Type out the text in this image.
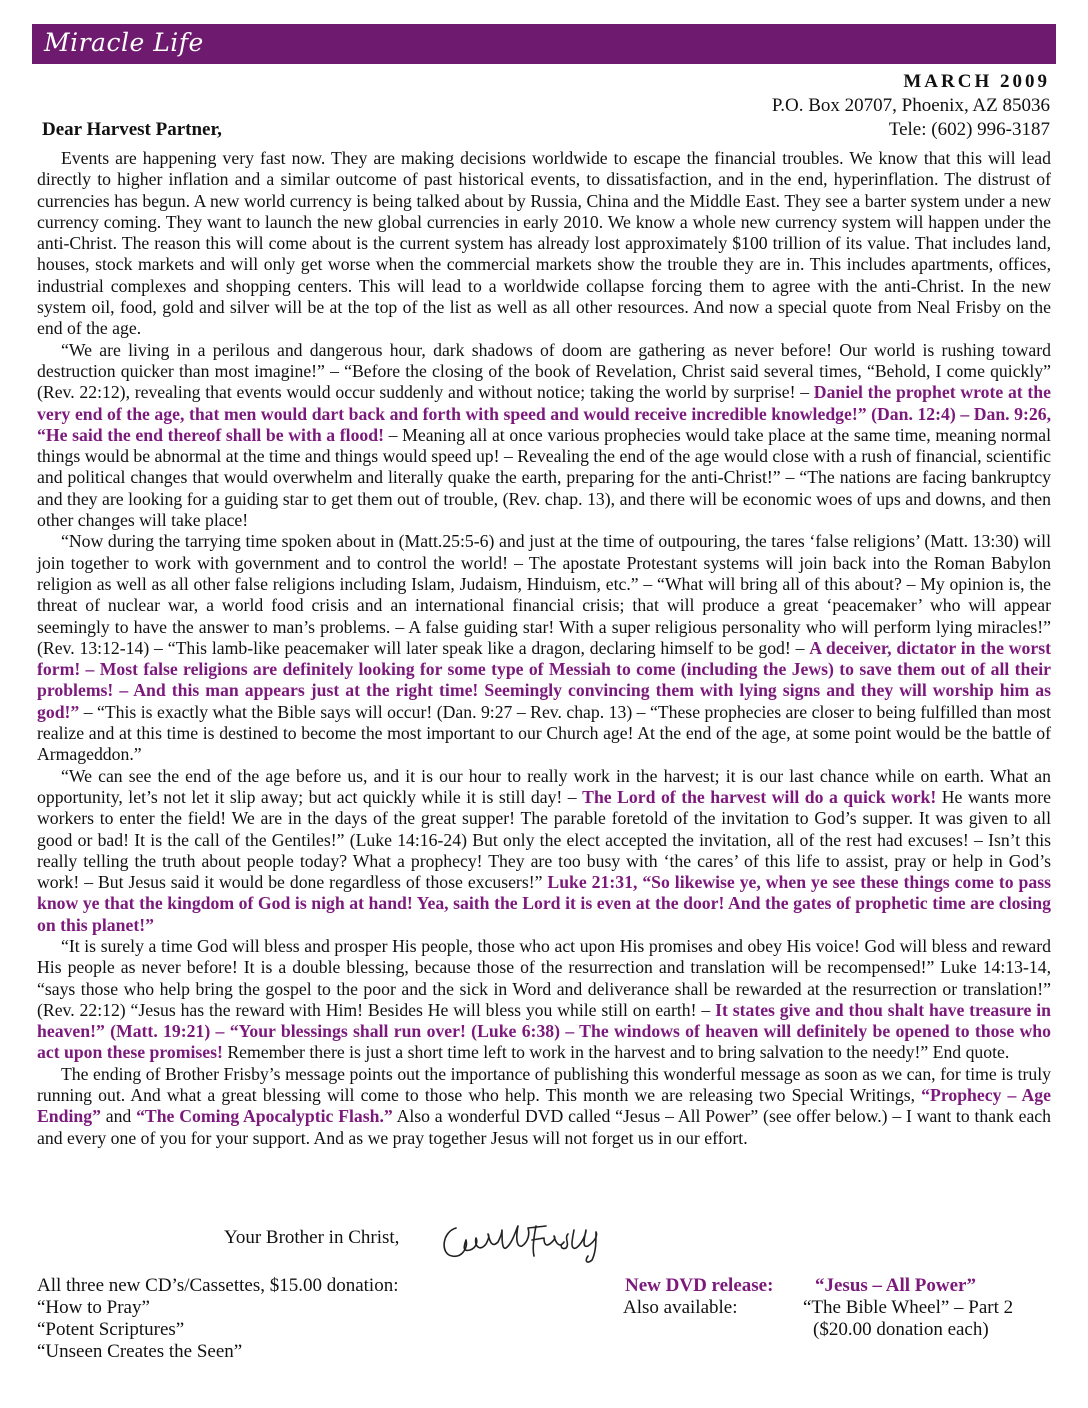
Miracle Life
MARCH 2009
P.O. Box 20707, Phoenix, AZ 85036
Tele: (602) 996-3187
Dear Harvest Partner,

Events are happening very fast now. They are making decisions worldwide to escape the financial troubles. We know that this will lead directly to higher inflation and a similar outcome of past historical events, to dissatisfaction, and in the end, hyperinflation. The distrust of currencies has begun. A new world currency is being talked about by Russia, China and the Middle East. They see a barter system under a new currency coming. They want to launch the new global currencies in early 2010. We know a whole new currency system will happen under the anti-Christ. The reason this will come about is the current system has already lost approximately $100 trillion of its value. That includes land, houses, stock markets and will only get worse when the commercial markets show the trouble they are in. This includes apartments, offices, industrial complexes and shopping centers. This will lead to a worldwide collapse forcing them to agree with the anti-Christ. In the new system oil, food, gold and silver will be at the top of the list as well as all other resources. And now a special quote from Neal Frisby on the end of the age.

“We are living in a perilous and dangerous hour, dark shadows of doom are gathering as never before! Our world is rushing toward destruction quicker than most imagine!” – “Before the closing of the book of Revelation, Christ said several times, “Behold, I come quickly” (Rev. 22:12), revealing that events would occur suddenly and without notice; taking the world by surprise! – Daniel the prophet wrote at the very end of the age, that men would dart back and forth with speed and would receive incredible knowledge!” (Dan. 12:4) – Dan. 9:26, “He said the end thereof shall be with a flood! – Meaning all at once various prophecies would take place at the same time, meaning normal things would be abnormal at the time and things would speed up! – Revealing the end of the age would close with a rush of financial, scientific and political changes that would overwhelm and literally quake the earth, preparing for the anti-Christ!” – “The nations are facing bankruptcy and they are looking for a guiding star to get them out of trouble, (Rev. chap. 13), and there will be economic woes of ups and downs, and then other changes will take place!

“Now during the tarrying time spoken about in (Matt.25:5-6) and just at the time of outpouring, the tares ‘false religions’ (Matt. 13:30) will join together to work with government and to control the world! – The apostate Protestant systems will join back into the Roman Babylon religion as well as all other false religions including Islam, Judaism, Hinduism, etc.” – “What will bring all of this about? – My opinion is, the threat of nuclear war, a world food crisis and an international financial crisis; that will produce a great ‘peacemaker’ who will appear seemingly to have the answer to man’s problems. – A false guiding star! With a super religious personality who will perform lying miracles!” (Rev. 13:12-14) – “This lamb-like peacemaker will later speak like a dragon, declaring himself to be god! – A deceiver, dictator in the worst form! – Most false religions are definitely looking for some type of Messiah to come (including the Jews) to save them out of all their problems! – And this man appears just at the right time! Seemingly convincing them with lying signs and they will worship him as god!” – “This is exactly what the Bible says will occur! (Dan. 9:27 – Rev. chap. 13) – “These prophecies are closer to being fulfilled than most realize and at this time is destined to become the most important to our Church age! At the end of the age, at some point would be the battle of Armageddon.”

“We can see the end of the age before us, and it is our hour to really work in the harvest; it is our last chance while on earth. What an opportunity, let’s not let it slip away; but act quickly while it is still day! – The Lord of the harvest will do a quick work! He wants more workers to enter the field! We are in the days of the great supper! The parable foretold of the invitation to God’s supper. It was given to all good or bad! It is the call of the Gentiles!” (Luke 14:16-24) But only the elect accepted the invitation, all of the rest had excuses! – Isn’t this really telling the truth about people today? What a prophecy! They are too busy with ‘the cares’ of this life to assist, pray or help in God’s work! – But Jesus said it would be done regardless of those excusers!” Luke 21:31, “So likewise ye, when ye see these things come to pass know ye that the kingdom of God is nigh at hand! Yea, saith the Lord it is even at the door! And the gates of prophetic time are closing on this planet!”

“It is surely a time God will bless and prosper His people, those who act upon His promises and obey His voice! God will bless and reward His people as never before! It is a double blessing, because those of the resurrection and translation will be recompensed!” Luke 14:13-14, “says those who help bring the gospel to the poor and the sick in Word and deliverance shall be rewarded at the resurrection or translation!” (Rev. 22:12) “Jesus has the reward with Him! Besides He will bless you while still on earth! – It states give and thou shalt have treasure in heaven!” (Matt. 19:21) – “Your blessings shall run over! (Luke 6:38) – The windows of heaven will definitely be opened to those who act upon these promises! Remember there is just a short time left to work in the harvest and to bring salvation to the needy!” End quote.

The ending of Brother Frisby’s message points out the importance of publishing this wonderful message as soon as we can, for time is truly running out. And what a great blessing will come to those who help. This month we are releasing two Special Writings, “Prophecy – Age Ending” and “The Coming Apocalyptic Flash.” Also a wonderful DVD called “Jesus – All Power” (see offer below.) – I want to thank each and every one of you for your support. And as we pray together Jesus will not forget us in our effort.

Your Brother in Christ,
All three new CD’s/Cassettes, $15.00 donation:
“How to Pray”
“Potent Scriptures”
“Unseen Creates the Seen”
New DVD release: “Jesus – All Power”
Also available:	“The Bible Wheel” – Part 2
($20.00 donation each)
